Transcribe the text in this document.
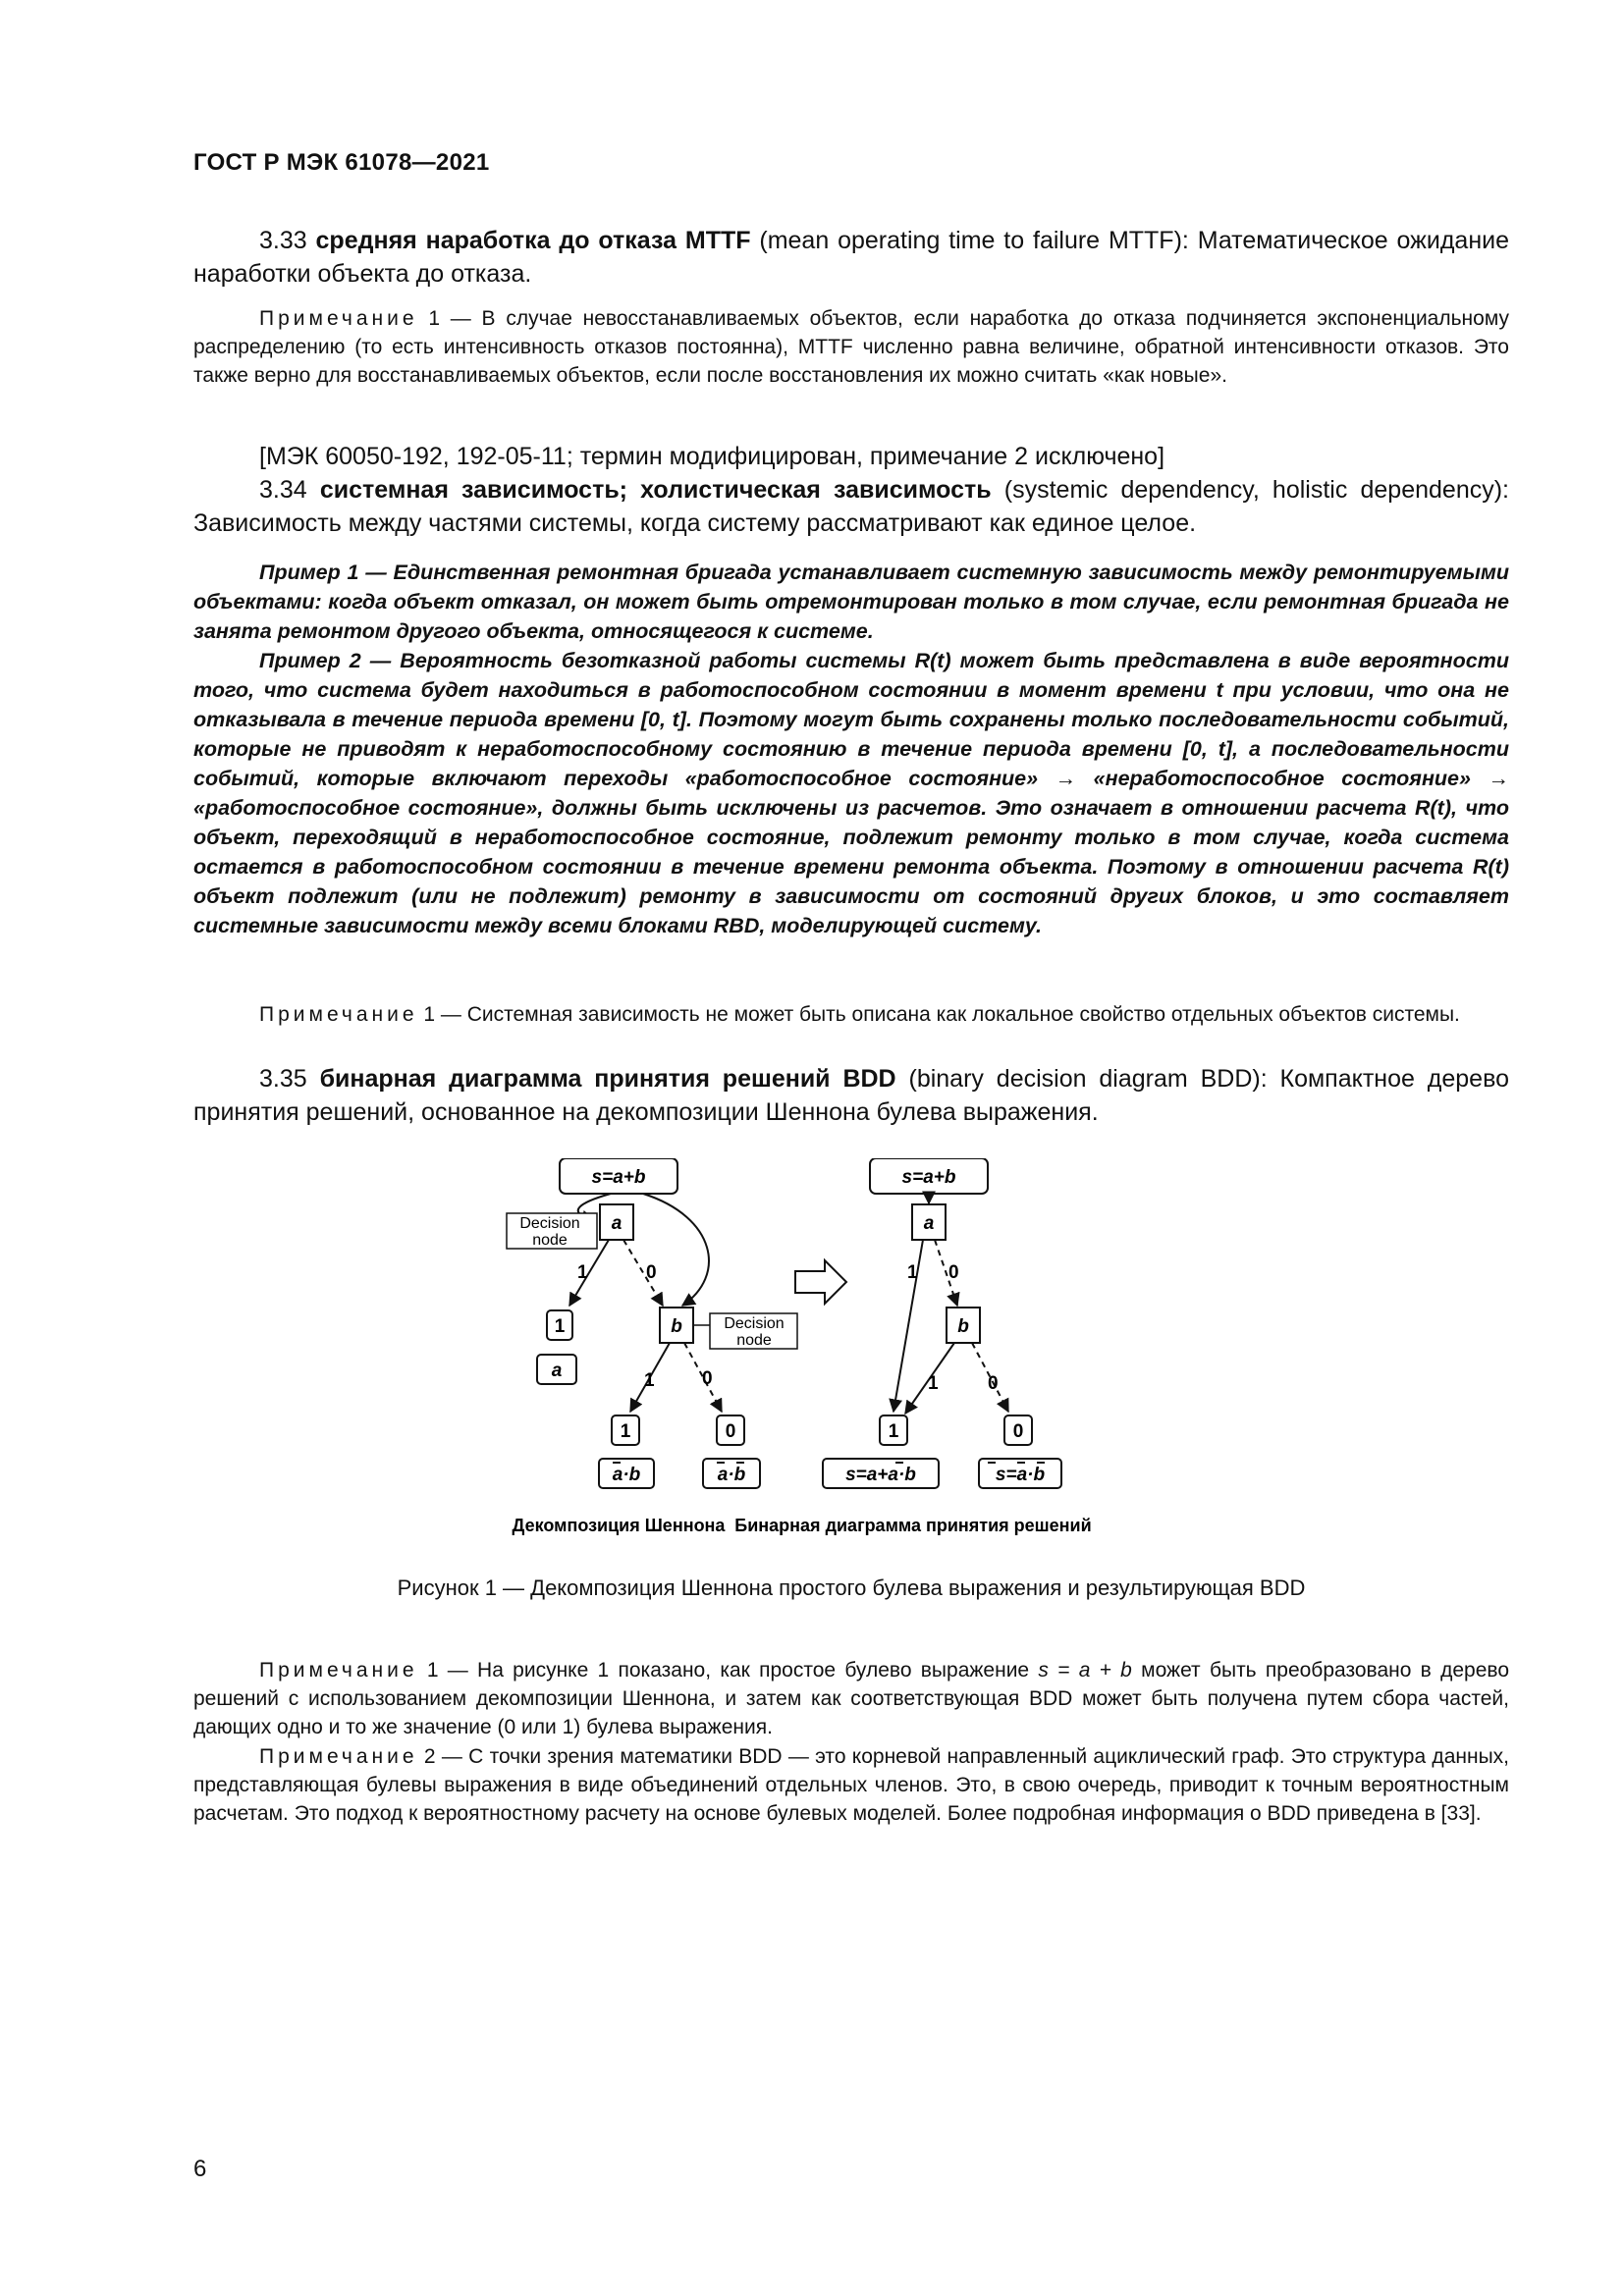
ГОСТ Р МЭК 61078—2021

3.33 средняя наработка до отказа MTTF (mean operating time to failure MTTF): Математическое ожидание наработки объекта до отказа.

Примечание 1 — В случае невосстанавливаемых объектов, если наработка до отказа подчиняется экспоненциальному распределению (то есть интенсивность отказов постоянна), MTTF численно равна величине, обратной интенсивности отказов. Это также верно для восстанавливаемых объектов, если после восстановления их можно считать «как новые».

[МЭК 60050-192, 192-05-11; термин модифицирован, примечание 2 исключено]

3.34 системная зависимость; холистическая зависимость (systemic dependency, holistic dependency): Зависимость между частями системы, когда систему рассматривают как единое целое.

Пример 1 — Единственная ремонтная бригада устанавливает системную зависимость между ремонтируемыми объектами: когда объект отказал, он может быть отремонтирован только в том случае, если ремонтная бригада не занята ремонтом другого объекта, относящегося к системе.

Пример 2 — Вероятность безотказной работы системы R(t) может быть представлена в виде вероятности того, что система будет находиться в работоспособном состоянии в момент времени t при условии, что она не отказывала в течение периода времени [0, t]. Поэтому могут быть сохранены только последовательности событий, которые не приводят к неработоспособному состоянию в течение периода времени [0, t], а последовательности событий, которые включают переходы «работоспособное состояние» → «неработоспособное состояние» → «работоспособное состояние», должны быть исключены из расчетов. Это означает в отношении расчета R(t), что объект, переходящий в неработоспособное состояние, подлежит ремонту только в том случае, когда система остается в работоспособном состоянии в течение времени ремонта объекта. Поэтому в отношении расчета R(t) объект подлежит (или не подлежит) ремонту в зависимости от состояний других блоков, и это составляет системные зависимости между всеми блоками RBD, моделирующей систему.

Примечание 1 — Системная зависимость не может быть описана как локальное свойство отдельных объектов системы.

3.35 бинарная диаграмма принятия решений BDD (binary decision diagram BDD): Компактное дерево принятия решений, основанное на декомпозиции Шеннона булева выражения.

s=a+b
a
Decision
node
1	0
1
a
b	Decision
node
1	0
1	0
a·b	a·b
s=a+b
a
1 0
b
1	0
1	0
s=a+a·b	s=a·b
Декомпозиция Шеннона Бинарная диаграмма принятия решений

Рисунок 1 — Декомпозиция Шеннона простого булева выражения и результирующая BDD

Примечание 1 — На рисунке 1 показано, как простое булево выражение s = a + b может быть преобразовано в дерево решений с использованием декомпозиции Шеннона, и затем как соответствующая BDD может быть получена путем сбора частей, дающих одно и то же значение (0 или 1) булева выражения.

Примечание 2 — С точки зрения математики BDD — это корневой направленный ациклический граф. Это структура данных, представляющая булевы выражения в виде объединений отдельных членов. Это, в свою очередь, приводит к точным вероятностным расчетам. Это подход к вероятностному расчету на основе булевых моделей. Более подробная информация о BDD приведена в [33].

6
